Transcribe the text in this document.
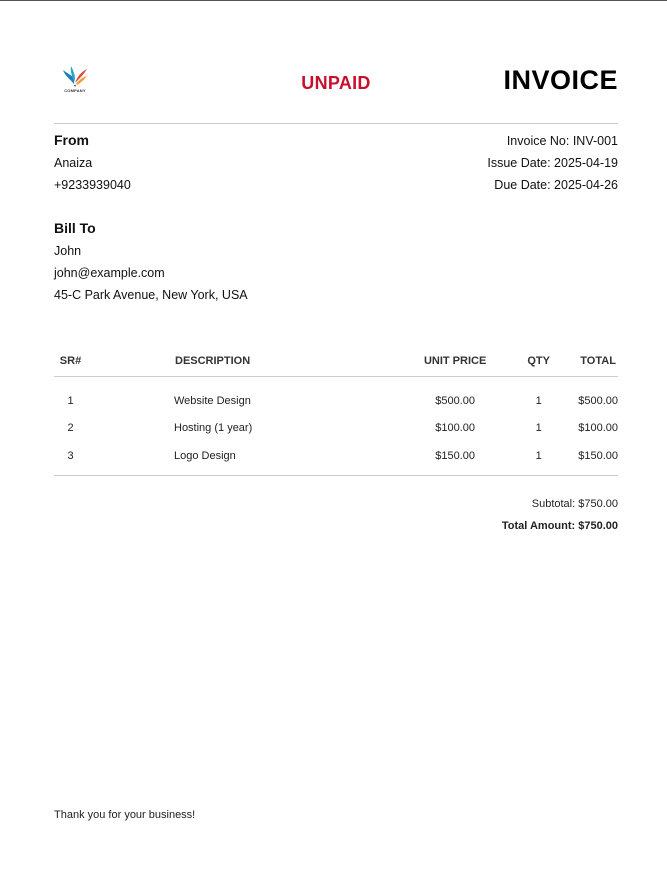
COMPANY	UNPAID	INVOICE
From
Anaiza
+9233939040
Invoice No: INV-001
Issue Date: 2025-04-19
Due Date: 2025-04-26
Bill To
John
john@example.com
45-C Park Avenue, New York, USA
SR#	DESCRIPTION	UNIT PRICE	QTY	TOTAL
1	Website Design	$500.00	1	$500.00
2	Hosting (1 year)	$100.00	1	$100.00
3	Logo Design	$150.00	1	$150.00
Subtotal: $750.00
Total Amount: $750.00
Thank you for your business!
